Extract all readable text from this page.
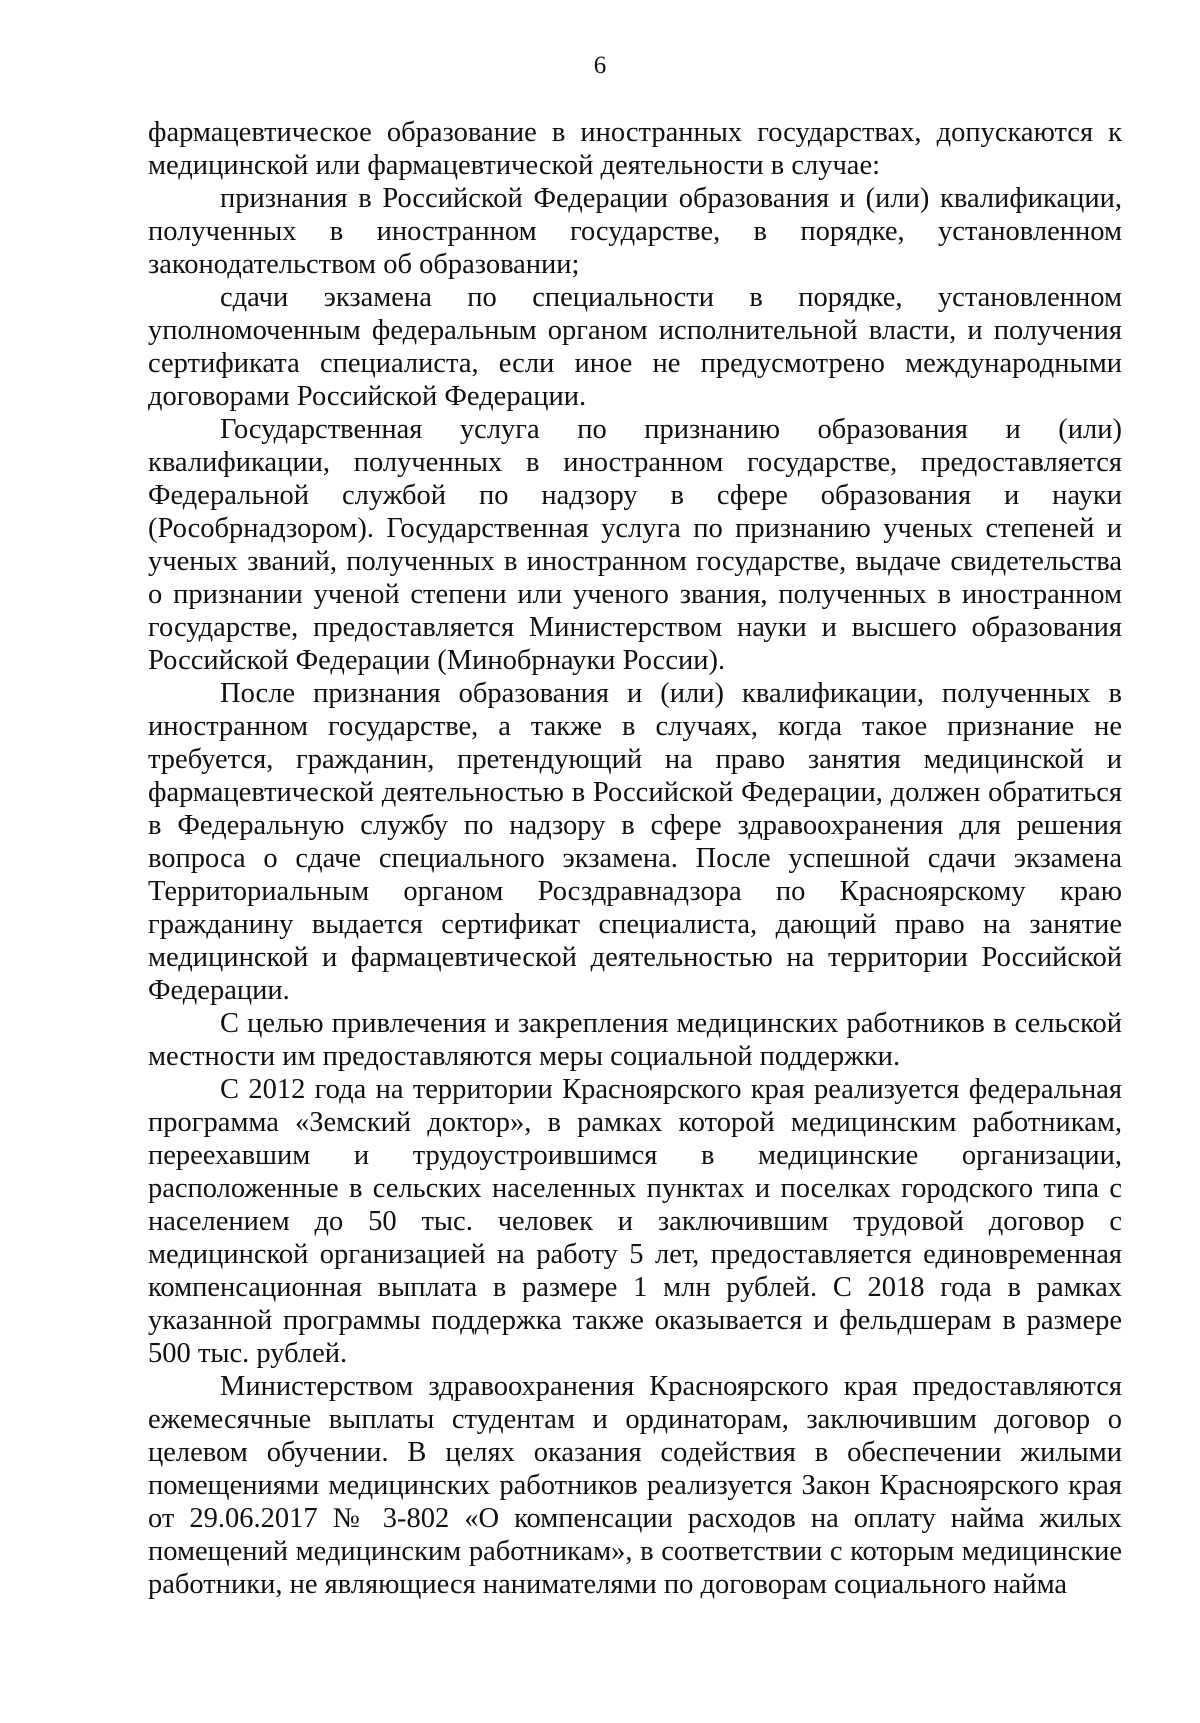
6

фармацевтическое образование в иностранных государствах, допускаются к медицинской или фармацевтической деятельности в случае:

признания в Российской Федерации образования и (или) квалификации, полученных в иностранном государстве, в порядке, установленном законодательством об образовании;

сдачи экзамена по специальности в порядке, установленном уполномоченным федеральным органом исполнительной власти, и получения сертификата специалиста, если иное не предусмотрено международными договорами Российской Федерации.

Государственная услуга по признанию образования и (или) квалификации, полученных в иностранном государстве, предоставляется Федеральной службой по надзору в сфере образования и науки (Рособрнадзором). Государственная услуга по признанию ученых степеней и ученых званий, полученных в иностранном государстве, выдаче свидетельства о признании ученой степени или ученого звания, полученных в иностранном государстве, предоставляется Министерством науки и высшего образования Российской Федерации (Минобрнауки России).

После признания образования и (или) квалификации, полученных в иностранном государстве, а также в случаях, когда такое признание не требуется, гражданин, претендующий на право занятия медицинской и фармацевтической деятельностью в Российской Федерации, должен обратиться в Федеральную службу по надзору в сфере здравоохранения для решения вопроса о сдаче специального экзамена. После успешной сдачи экзамена Территориальным органом Росздравнадзора по Красноярскому краю гражданину выдается сертификат специалиста, дающий право на занятие медицинской и фармацевтической деятельностью на территории Российской Федерации.

С целью привлечения и закрепления медицинских работников в сельской местности им предоставляются меры социальной поддержки.

С 2012 года на территории Красноярского края реализуется федеральная программа «Земский доктор», в рамках которой медицинским работникам, переехавшим и трудоустроившимся в медицинские организации, расположенные в сельских населенных пунктах и поселках городского типа с населением до 50 тыс. человек и заключившим трудовой договор с медицинской организацией на работу 5 лет, предоставляется единовременная компенсационная выплата в размере 1 млн рублей. С 2018 года в рамках указанной программы поддержка также оказывается и фельдшерам в размере 500 тыс. рублей.

Министерством здравоохранения Красноярского края предоставляются ежемесячные выплаты студентам и ординаторам, заключившим договор о целевом обучении. В целях оказания содействия в обеспечении жилыми помещениями медицинских работников реализуется Закон Красноярского края от 29.06.2017 № 3-802 «О компенсации расходов на оплату найма жилых помещений медицинским работникам», в соответствии с которым медицинские работники, не являющиеся нанимателями по договорам социального найма
